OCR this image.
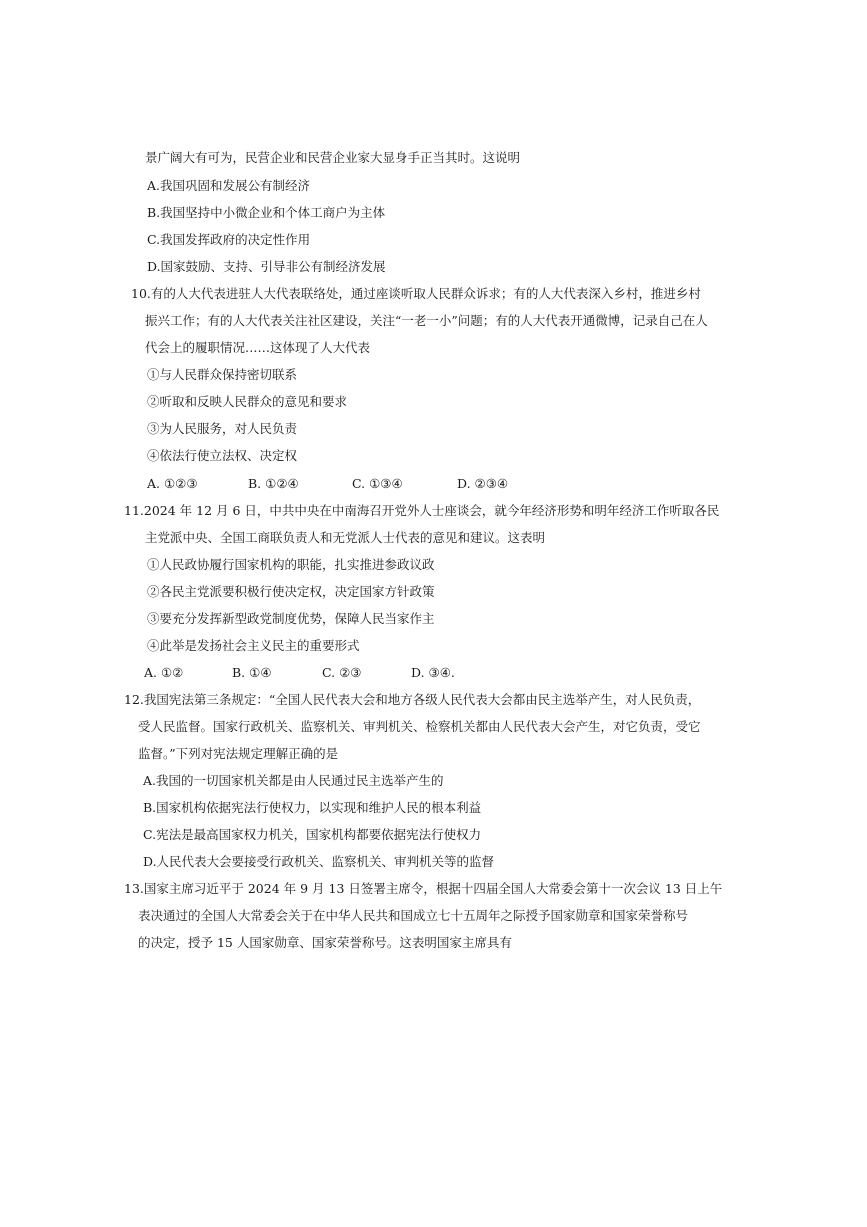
景广阔大有可为，民营企业和民营企业家大显身手正当其时。这说明
A.我国巩固和发展公有制经济
B.我国坚持中小微企业和个体工商户为主体
C.我国发挥政府的决定性作用
D.国家鼓励、支持、引导非公有制经济发展
10.有的人大代表进驻人大代表联络处，通过座谈听取人民群众诉求；有的人大代表深入乡村，推进乡村
振兴工作；有的人大代表关注社区建设，关注“一老一小”问题；有的人大代表开通微博，记录自己在人
代会上的履职情况……这体现了人大代表
①与人民群众保持密切联系
②听取和反映人民群众的意见和要求
③为人民服务，对人民负责
④依法行使立法权、决定权
A. ①②③	B. ①②④	C. ①③④	D. ②③④
11.2024 年 12 月 6 日，中共中央在中南海召开党外人士座谈会，就今年经济形势和明年经济工作听取各民
主党派中央、全国工商联负责人和无党派人士代表的意见和建议。这表明
①人民政协履行国家机构的职能，扎实推进参政议政
②各民主党派要积极行使决定权，决定国家方针政策
③要充分发挥新型政党制度优势，保障人民当家作主
④此举是发扬社会主义民主的重要形式
A. ①②	B. ①④	C. ②③	D. ③④.
12.我国宪法第三条规定：“全国人民代表大会和地方各级人民代表大会都由民主选举产生，对人民负责，
受人民监督。国家行政机关、监察机关、审判机关、检察机关都由人民代表大会产生，对它负责，受它
监督。”下列对宪法规定理解正确的是
A.我国的一切国家机关都是由人民通过民主选举产生的
B.国家机构依据宪法行使权力，以实现和维护人民的根本利益
C.宪法是最高国家权力机关，国家机构都要依据宪法行使权力
D.人民代表大会要接受行政机关、监察机关、审判机关等的监督
13.国家主席习近平于 2024 年 9 月 13 日签署主席令，根据十四届全国人大常委会第十一次会议 13 日上午
表决通过的全国人大常委会关于在中华人民共和国成立七十五周年之际授予国家勋章和国家荣誉称号
的决定，授予 15 人国家勋章、国家荣誉称号。这表明国家主席具有
